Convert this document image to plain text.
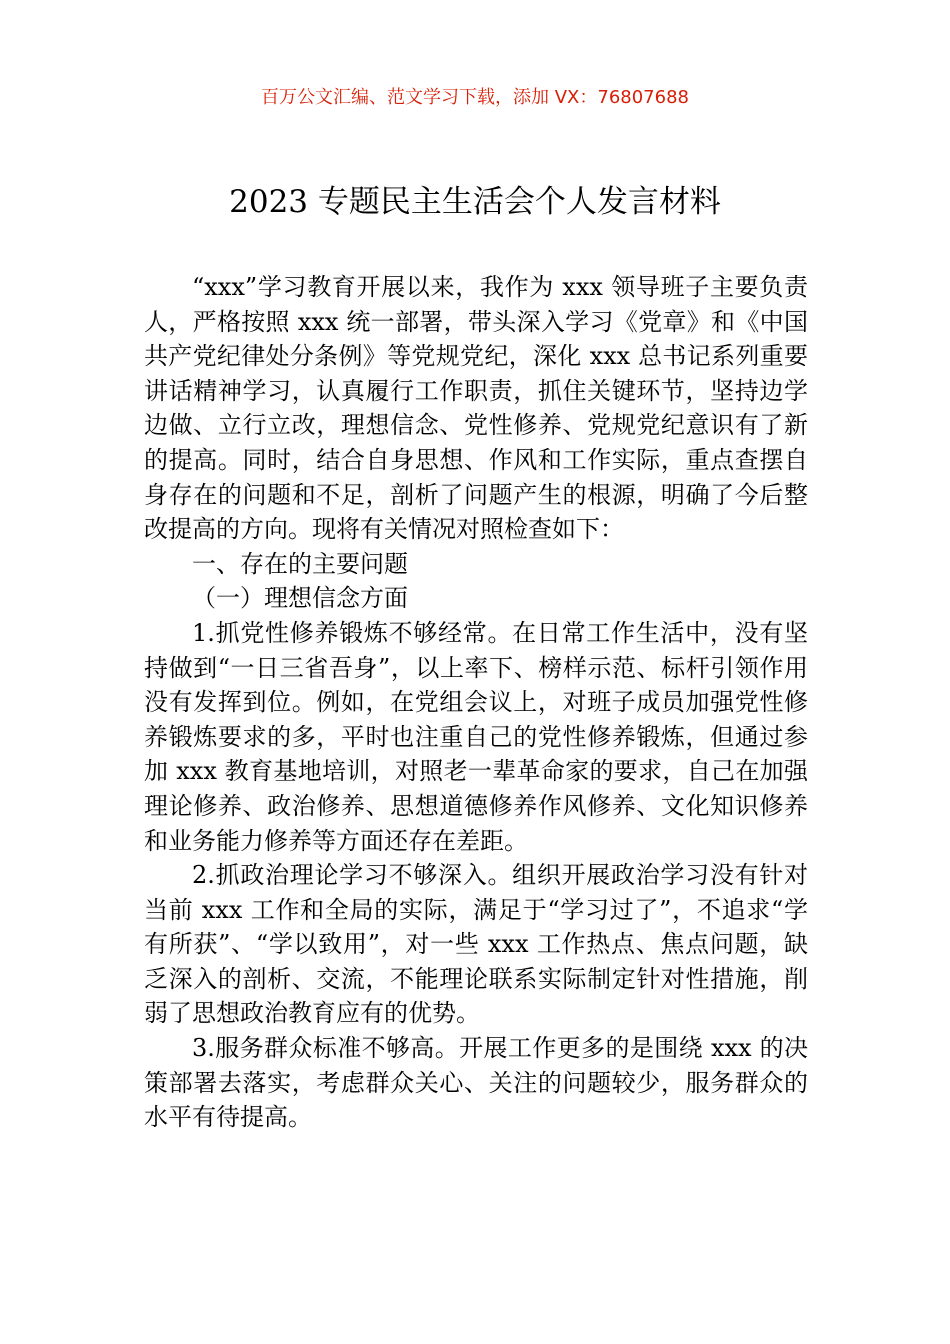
百万公文汇编、范文学习下载，添加 VX：76807688
2023 专题民主生活会个人发言材料

“xxx”学习教育开展以来，我作为 xxx 领导班子主要负责人，严格按照 xxx 统一部署，带头深入学习《党章》和《中国共产党纪律处分条例》等党规党纪，深化 xxx 总书记系列重要讲话精神学习，认真履行工作职责，抓住关键环节，坚持边学边做、立行立改，理想信念、党性修养、党规党纪意识有了新的提高。同时，结合自身思想、作风和工作实际，重点查摆自身存在的问题和不足，剖析了问题产生的根源，明确了今后整改提高的方向。现将有关情况对照检查如下：

一、存在的主要问题

（一）理想信念方面

1.抓党性修养锻炼不够经常。在日常工作生活中，没有坚持做到“一日三省吾身”，以上率下、榜样示范、标杆引领作用没有发挥到位。例如，在党组会议上，对班子成员加强党性修养锻炼要求的多，平时也注重自己的党性修养锻炼，但通过参加 xxx 教育基地培训，对照老一辈革命家的要求，自己在加强理论修养、政治修养、思想道德修养作风修养、文化知识修养和业务能力修养等方面还存在差距。

2.抓政治理论学习不够深入。组织开展政治学习没有针对当前 xxx 工作和全局的实际，满足于“学习过了”，不追求“学有所获”、“学以致用”，对一些 xxx 工作热点、焦点问题，缺乏深入的剖析、交流，不能理论联系实际制定针对性措施，削弱了思想政治教育应有的优势。

3.服务群众标准不够高。开展工作更多的是围绕 xxx 的决策部署去落实，考虑群众关心、关注的问题较少，服务群众的水平有待提高。
